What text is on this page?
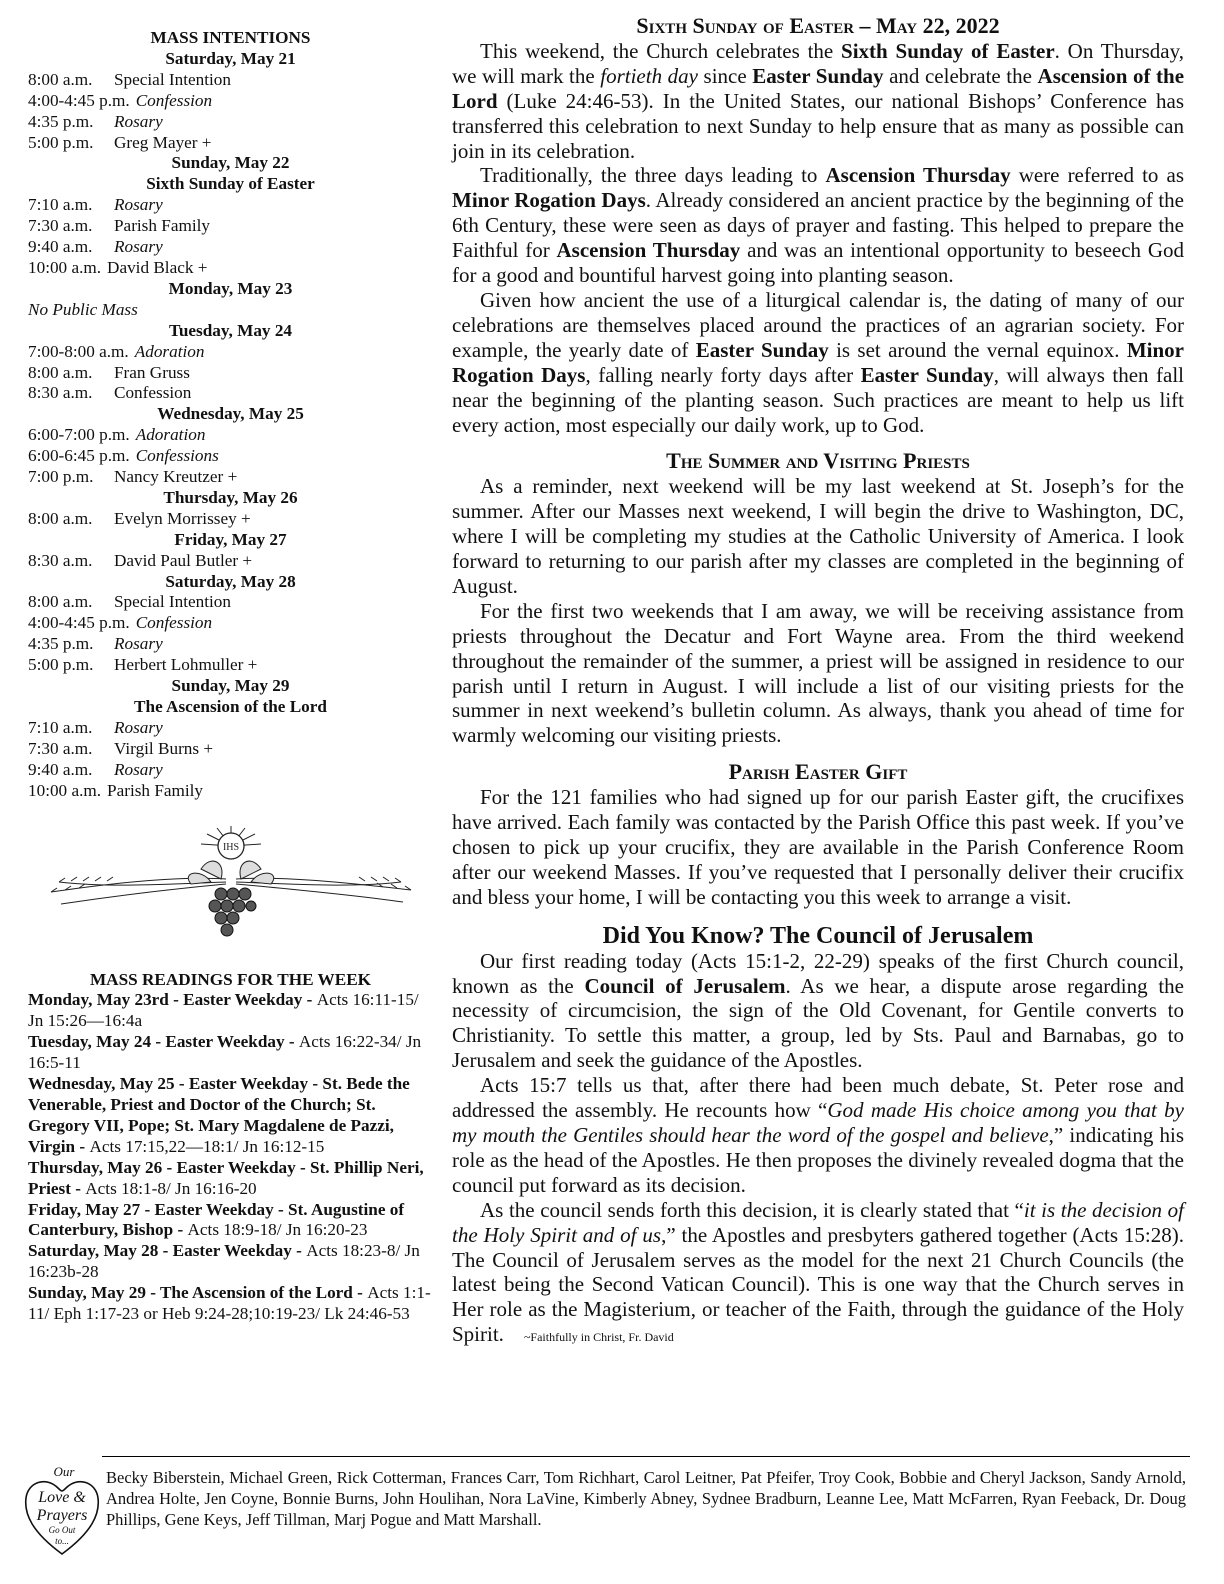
MASS INTENTIONS
Saturday, May 21
8:00 a.m. Special Intention
4:00-4:45 p.m. Confession
4:35 p.m. Rosary
5:00 p.m. Greg Mayer +
Sunday, May 22
Sixth Sunday of Easter
7:10 a.m. Rosary
7:30 a.m. Parish Family
9:40 a.m. Rosary
10:00 a.m. David Black +
Monday, May 23
No Public Mass
Tuesday, May 24
7:00-8:00 a.m. Adoration
8:00 a.m. Fran Gruss
8:30 a.m. Confession
Wednesday, May 25
6:00-7:00 p.m. Adoration
6:00-6:45 p.m. Confessions
7:00 p.m. Nancy Kreutzer +
Thursday, May 26
8:00 a.m. Evelyn Morrissey +
Friday, May 27
8:30 a.m. David Paul Butler +
Saturday, May 28
8:00 a.m. Special Intention
4:00-4:45 p.m. Confession
4:35 p.m. Rosary
5:00 p.m. Herbert Lohmuller +
Sunday, May 29
The Ascension of the Lord
7:10 a.m. Rosary
7:30 a.m. Virgil Burns +
9:40 a.m. Rosary
10:00 a.m. Parish Family
IHS
MASS READINGS FOR THE WEEK

Monday, May 23rd - Easter Weekday - Acts 16:11-15/ Jn 15:26—16:4a

Tuesday, May 24 - Easter Weekday - Acts 16:22-34/ Jn 16:5-11

Wednesday, May 25 - Easter Weekday - St. Bede the Venerable, Priest and Doctor of the Church; St. Gregory VII, Pope; St. Mary Magdalene de Pazzi, Virgin - Acts 17:15,22—18:1/ Jn 16:12-15

Thursday, May 26 - Easter Weekday - St. Phillip Neri, Priest - Acts 18:1-8/ Jn 16:16-20

Friday, May 27 - Easter Weekday - St. Augustine of Canterbury, Bishop - Acts 18:9-18/ Jn 16:20-23

Saturday, May 28 - Easter Weekday - Acts 18:23-8/ Jn 16:23b-28

Sunday, May 29 - The Ascension of the Lord - Acts 1:1-11/ Eph 1:17-23 or Heb 9:24-28;10:19-23/ Lk 24:46-53

Sixth Sunday of Easter – May 22, 2022

This weekend, the Church celebrates the Sixth Sunday of Easter. On Thursday, we will mark the fortieth day since Easter Sunday and celebrate the Ascension of the Lord (Luke 24:46-53). In the United States, our national Bishops’ Conference has transferred this celebration to next Sunday to help ensure that as many as possible can join in its celebration.

Traditionally, the three days leading to Ascension Thursday were referred to as Minor Rogation Days. Already considered an ancient practice by the beginning of the 6th Century, these were seen as days of prayer and fasting. This helped to prepare the Faithful for Ascension Thursday and was an intentional opportunity to beseech God for a good and bountiful harvest going into planting season.

Given how ancient the use of a liturgical calendar is, the dating of many of our celebrations are themselves placed around the practices of an agrarian society. For example, the yearly date of Easter Sunday is set around the vernal equinox. Minor Rogation Days, falling nearly forty days after Easter Sunday, will always then fall near the beginning of the planting season. Such practices are meant to help us lift every action, most especially our daily work, up to God.

The Summer and Visiting Priests

As a reminder, next weekend will be my last weekend at St. Joseph’s for the summer. After our Masses next weekend, I will begin the drive to Washington, DC, where I will be completing my studies at the Catholic University of America. I look forward to returning to our parish after my classes are completed in the beginning of August.

For the first two weekends that I am away, we will be receiving assistance from priests throughout the Decatur and Fort Wayne area. From the third weekend throughout the remainder of the summer, a priest will be assigned in residence to our parish until I return in August. I will include a list of our visiting priests for the summer in next weekend’s bulletin column. As always, thank you ahead of time for warmly welcoming our visiting priests.

Parish Easter Gift

For the 121 families who had signed up for our parish Easter gift, the crucifixes have arrived. Each family was contacted by the Parish Office this past week. If you’ve chosen to pick up your crucifix, they are available in the Parish Conference Room after our weekend Masses. If you’ve requested that I personally deliver their crucifix and bless your home, I will be contacting you this week to arrange a visit.

Did You Know? The Council of Jerusalem

Our first reading today (Acts 15:1-2, 22-29) speaks of the first Church council, known as the Council of Jerusalem. As we hear, a dispute arose regarding the necessity of circumcision, the sign of the Old Covenant, for Gentile converts to Christianity. To settle this matter, a group, led by Sts. Paul and Barnabas, go to Jerusalem and seek the guidance of the Apostles.

Acts 15:7 tells us that, after there had been much debate, St. Peter rose and addressed the assembly. He recounts how “God made His choice among you that by my mouth the Gentiles should hear the word of the gospel and believe,” indicating his role as the head of the Apostles. He then proposes the divinely revealed dogma that the council put forward as its decision.

As the council sends forth this decision, it is clearly stated that “it is the decision of the Holy Spirit and of us,” the Apostles and presbyters gathered together (Acts 15:28). The Council of Jerusalem serves as the model for the next 21 Church Councils (the latest being the Second Vatican Council). This is one way that the Church serves in Her role as the Magisterium, or teacher of the Faith, through the guidance of the Holy Spirit. ~Faithfully in Christ, Fr. David

Our
Love &
Prayers
Go Out
to...
Becky Biberstein, Michael Green, Rick Cotterman, Frances Carr, Tom Richhart, Carol Leitner, Pat Pfeifer, Troy Cook, Bobbie and Cheryl Jackson, Sandy Arnold, Andrea Holte, Jen Coyne, Bonnie Burns, John Houlihan, Nora LaVine, Kimberly Abney, Sydnee Bradburn, Leanne Lee, Matt McFarren, Ryan Feeback, Dr. Doug Phillips, Gene Keys, Jeff Tillman, Marj Pogue and Matt Marshall.
